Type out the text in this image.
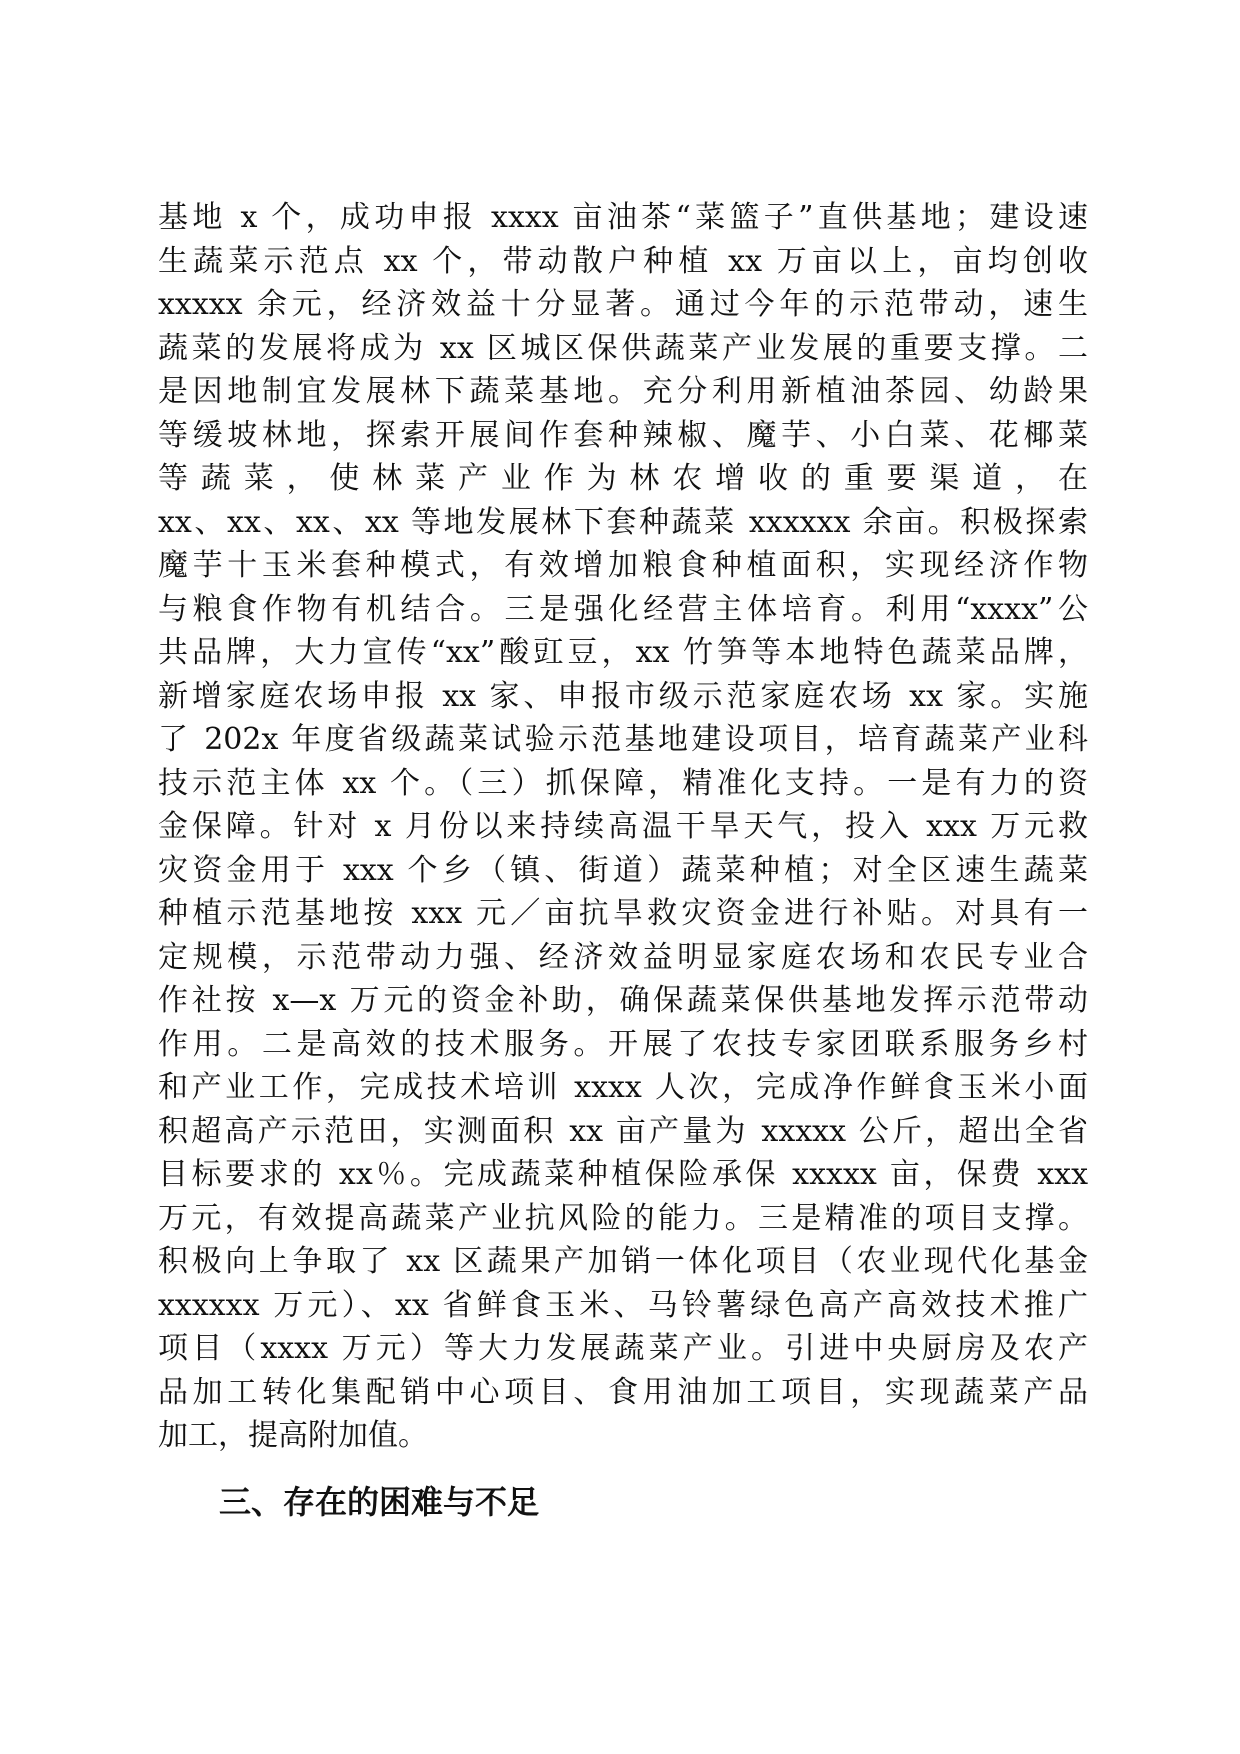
基地 x 个，成功申报 xxxx 亩油茶“菜篮子”直供基地；建设速
生蔬菜示范点 xx 个，带动散户种植 xx 万亩以上，亩均创收
xxxxx 余元，经济效益十分显著。通过今年的示范带动，速生
蔬菜的发展将成为 xx 区城区保供蔬菜产业发展的重要支撑。二
是因地制宜发展林下蔬菜基地。充分利用新植油茶园、幼龄果
等缓坡林地，探索开展间作套种辣椒、魔芋、小白菜、花椰菜
等蔬菜，使林菜产业作为林农增收的重要渠道，在
xx、xx、xx、xx 等地发展林下套种蔬菜 xxxxxx 余亩。积极探索
魔芋十玉米套种模式，有效增加粮食种植面积，实现经济作物
与粮食作物有机结合。三是强化经营主体培育。利用“xxxx”公
共品牌，大力宣传“xx”酸豇豆，xx 竹笋等本地特色蔬菜品牌，
新增家庭农场申报 xx 家、申报市级示范家庭农场 xx 家。实施
了 202x 年度省级蔬菜试验示范基地建设项目，培育蔬菜产业科
技示范主体 xx 个。（三）抓保障，精准化支持。一是有力的资
金保障。针对 x 月份以来持续高温干旱天气，投入 xxx 万元救
灾资金用于 xxx 个乡（镇、街道）蔬菜种植；对全区速生蔬菜
种植示范基地按 xxx 元／亩抗旱救灾资金进行补贴。对具有一
定规模，示范带动力强、经济效益明显家庭农场和农民专业合
作社按 x—x 万元的资金补助，确保蔬菜保供基地发挥示范带动
作用。二是高效的技术服务。开展了农技专家团联系服务乡村
和产业工作，完成技术培训 xxxx 人次，完成净作鲜食玉米小面
积超高产示范田，实测面积 xx 亩产量为 xxxxx 公斤，超出全省
目标要求的 xx％。完成蔬菜种植保险承保 xxxxx 亩，保费 xxx
万元，有效提高蔬菜产业抗风险的能力。三是精准的项目支撑。
积极向上争取了 xx 区蔬果产加销一体化项目（农业现代化基金
xxxxxx 万元）、xx 省鲜食玉米、马铃薯绿色高产高效技术推广
项目（xxxx 万元）等大力发展蔬菜产业。引进中央厨房及农产
品加工转化集配销中心项目、食用油加工项目，实现蔬菜产品
加工，提高附加值。
三、存在的困难与不足
